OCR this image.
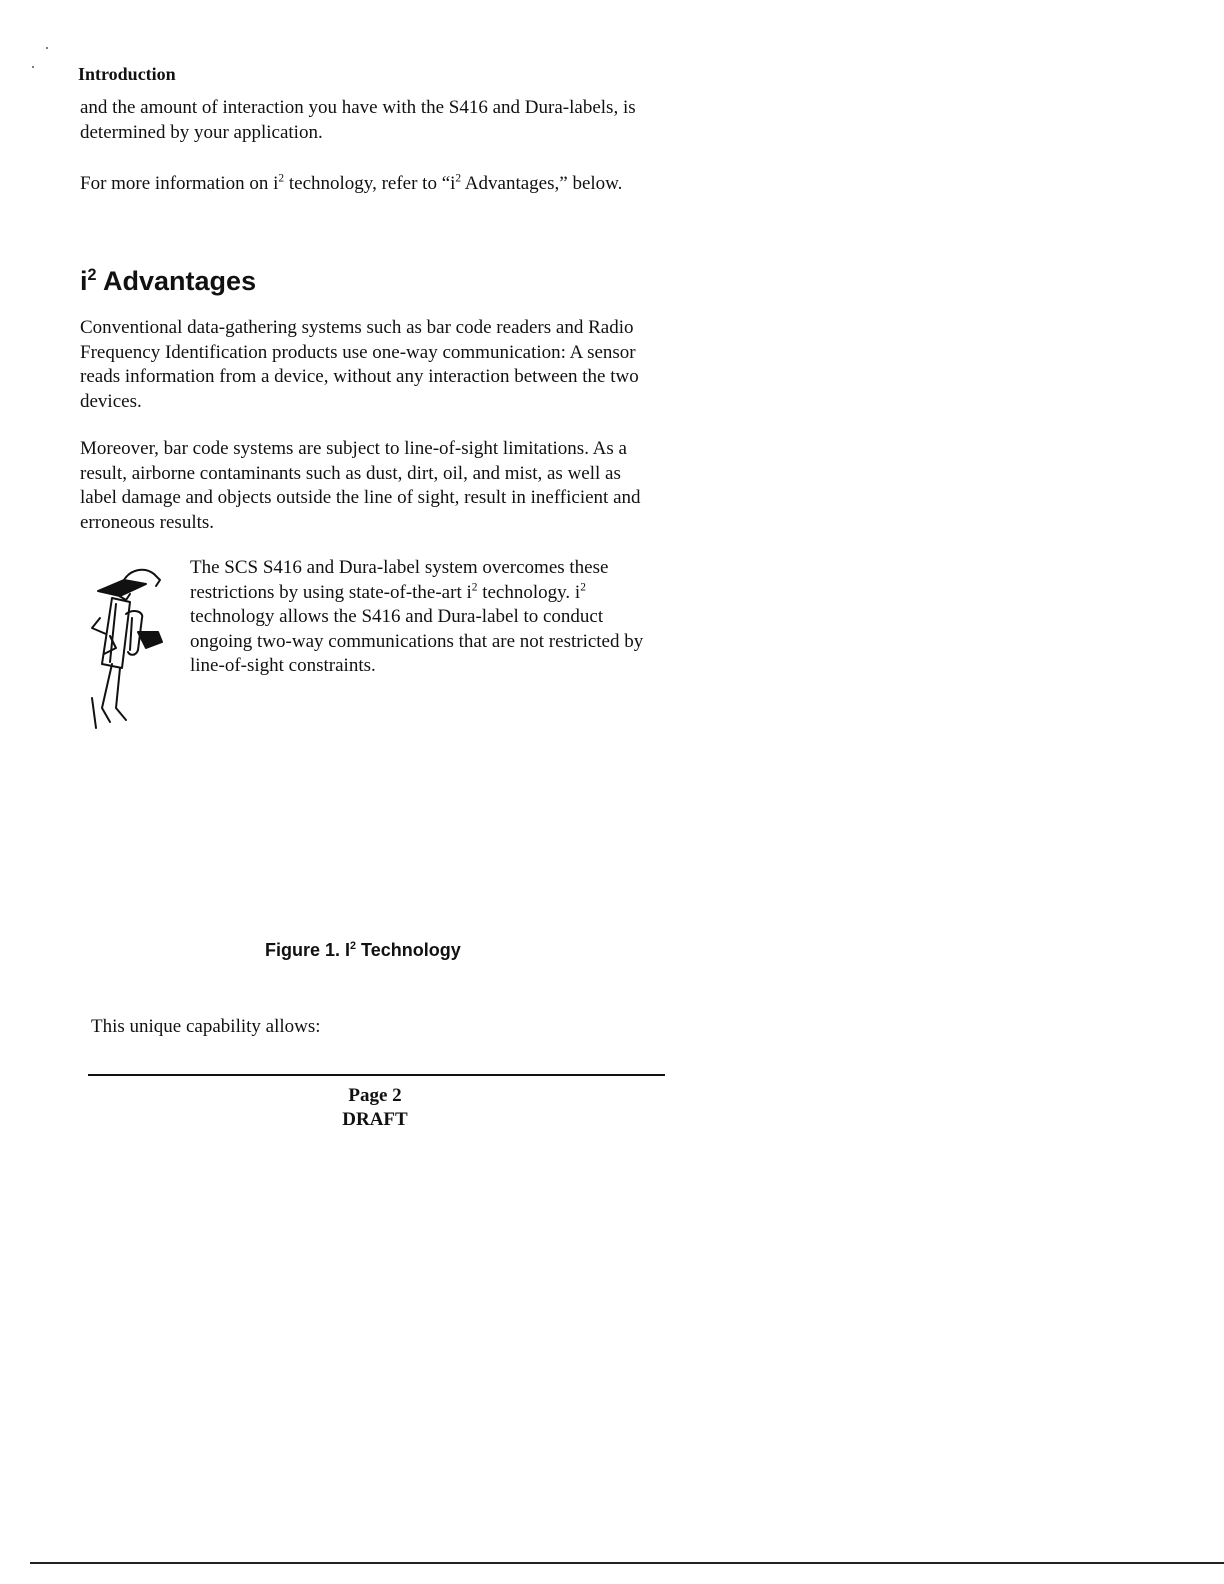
Introduction
and the amount of interaction you have with the S416 and Dura-labels, is determined by your application.
For more information on $i^2$ technology, refer to “$i^2$ Advantages,” below.
$i^2$ Advantages
Conventional data-gathering systems such as bar code readers and Radio Frequency Identification products use one-way communication: A sensor reads information from a device, without any interaction between the two devices.
Moreover, bar code systems are subject to line-of-sight limitations. As a result, airborne contaminants such as dust, dirt, oil, and mist, as well as label damage and objects outside the line of sight, result in inefficient and erroneous results.
The SCS S416 and Dura-label system overcomes these restrictions by using state-of-the-art $i^2$ technology. $i^2$ technology allows the S416 and Dura-label to conduct ongoing two-way communications that are not restricted by line-of-sight constraints.
Figure 1. $I^2$ Technology
This unique capability allows:
Page 2
DRAFT
